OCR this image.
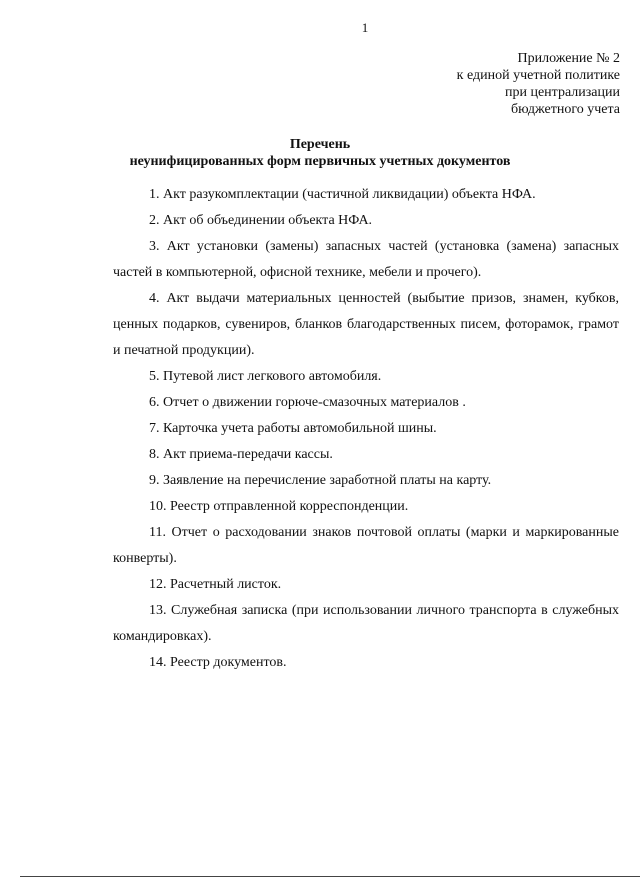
1
Приложение № 2
к единой учетной политике
при централизации
бюджетного учета
Перечень
неунифицированных форм первичных учетных документов

1. Акт разукомплектации (частичной ликвидации) объекта НФА.

2. Акт об объединении объекта НФА.

3. Акт установки (замены) запасных частей (установка (замена) запасных частей в компьютерной, офисной технике, мебели и прочего).

4. Акт выдачи материальных ценностей (выбытие призов, знамен, кубков, ценных подарков, сувениров, бланков благодарственных писем, фоторамок, грамот и печатной продукции).

5. Путевой лист легкового автомобиля.

6. Отчет о движении горюче-смазочных материалов .

7. Карточка учета работы автомобильной шины.

8. Акт приема-передачи кассы.

9. Заявление на перечисление заработной платы на карту.

10. Реестр отправленной корреспонденции.

11. Отчет о расходовании знаков почтовой оплаты (марки и маркированные конверты).

12. Расчетный листок.

13. Служебная записка (при использовании личного транспорта в служебных командировках).

14. Реестр документов.
